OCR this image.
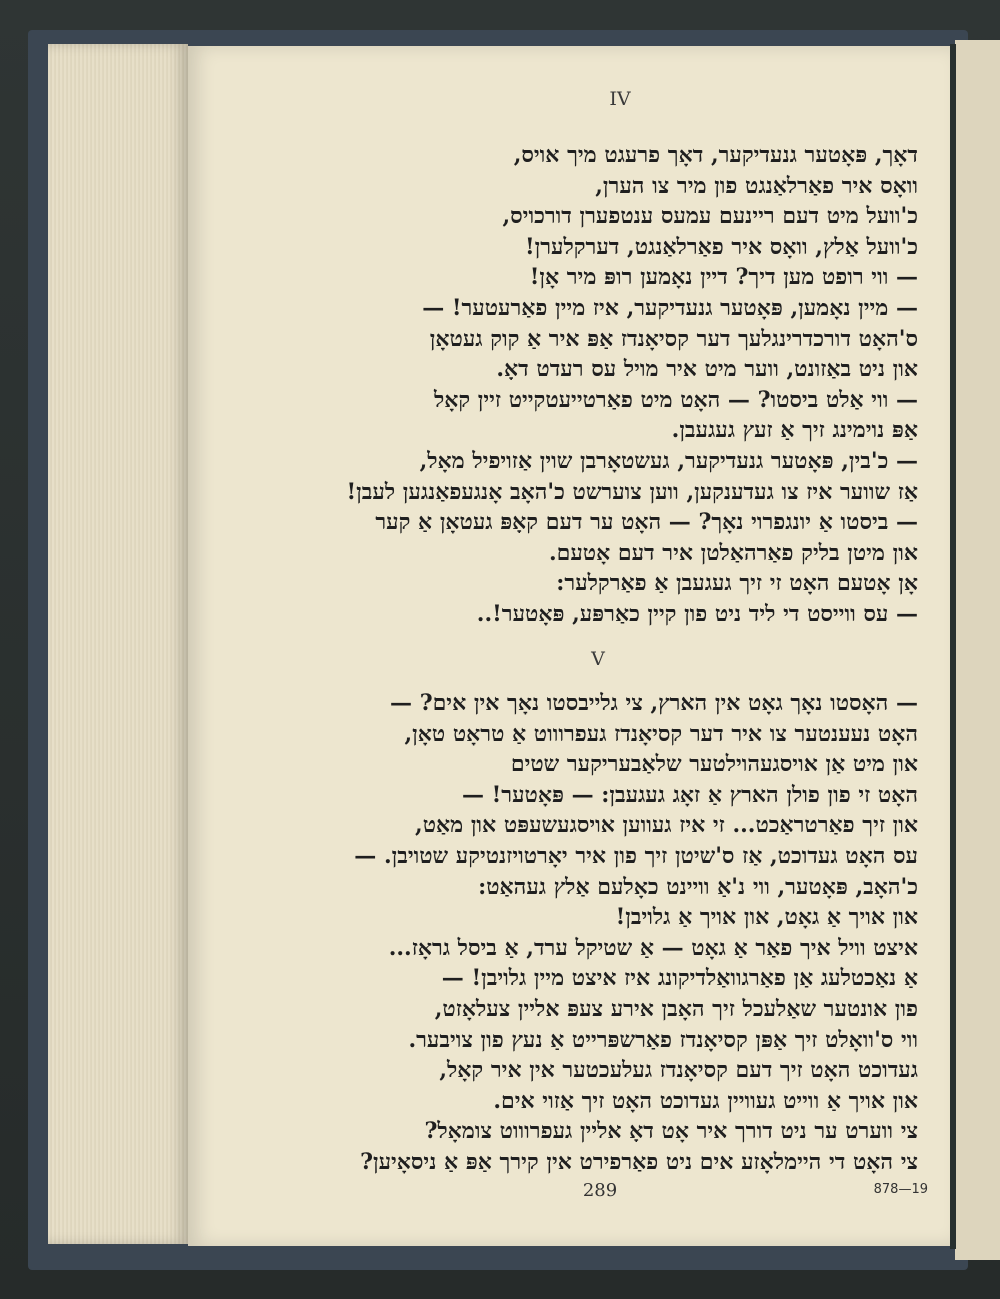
IV
דאָך, פּאָטער גנעדיקער, דאָך פרעגט מיך אויס,
וואָס איר פאַרלאַנגט פון מיר צו הערן,
כ'וועל מיט דעם ריינעם עמעס ענטפערן דורכויס,
כ'וועל אַלץ, וואָס איר פאַרלאַנגט, דערקלערן!
— ווי רופט מען דיך? דיין נאָמען רופּ מיר אָן!
— מיין נאָמען, פּאָטער גנעדיקער, איז מיין פאַרעטער! —
ס'האָט דורכדרינגלעך דער קסיאָנדז אַפּ איר אַ קוק געטאָן
און ניט באַזונט, ווער מיט איר מויל עס רעדט דאָ.
— ווי אַלט ביסטו? — האָט מיט פאַרטייעטקייט זיין קאָל
אַפּ נוימינג זיך אַ זעץ געגעבן.
— כ'בין, פּאָטער גנעדיקער, געשטאָרבן שוין אַזויפיל מאָל,
אַז שווער איז צו געדענקען, ווען צוערשט כ'האָב אָנגעפאַנגען לעבן!
— ביסטו אַ יונגפרוי נאָך? — האָט ער דעם קאָפּ געטאָן אַ קער
און מיטן בליק פאַרהאַלטן איר דעם אָטעם.
אָן אָטעם האָט זי זיך געגעבן אַ פאַרקלער:
— עס ווייסט די ליד ניט פון קיין כאַרפּע, פּאָטער!..
V
— האָסטו נאָך גאָט אין הארץ, צי גלייבסטו נאָך אין אים? —
האָט נעענטער צו איר דער קסיאָנדז געפרוווט אַ טראָט טאָן,
און מיט אַן אויסגעהוילטער שלאַבעריקער שטים
האָט זי פון פולן הארץ אַ זאָג געגעבן: — פּאָטער! —
און זיך פאַרטראַכט... זי איז געווען אויסגעשעפּט און מאַט,
עס האָט געדוכט, אַז ס'שיטן זיך פון איר יאָרטויזנטיקע שטויבן. —
כ'האָב, פּאָטער, ווי נ'אַ וויינט כאָלעם אַלץ געהאַט:
און אויך אַ גאָט, און אויך אַ גלויבן!
איצט וויל איך פאַר אַ גאָט — אַ שטיקל ערד, אַ ביסל גראָז...
אַ נאַכטלעג אַן פאַרגוואַלדיקונג איז איצט מיין גלויבן! —
פון אונטער שאַלעכל זיך האָבן אירע צעפּ אליין צעלאָזט,
ווי ס'וואָלט זיך אַפּן קסיאָנדז פאַרשפּרייט אַ נעץ פון צויבער.
געדוכט האָט זיך דעם קסיאָנדז געלעכטער אין איר קאָל,
און אויך אַ ווייט געוויין געדוכט האָט זיך אַזוי אים.
צי ווערט ער ניט דורך איר אָט דאָ אליין געפרוווט צומאָל?
צי האָט די היימלאָזע אים ניט פאַרפירט אין קירך אַפּ אַ ניסאָיען?
289	878—19
